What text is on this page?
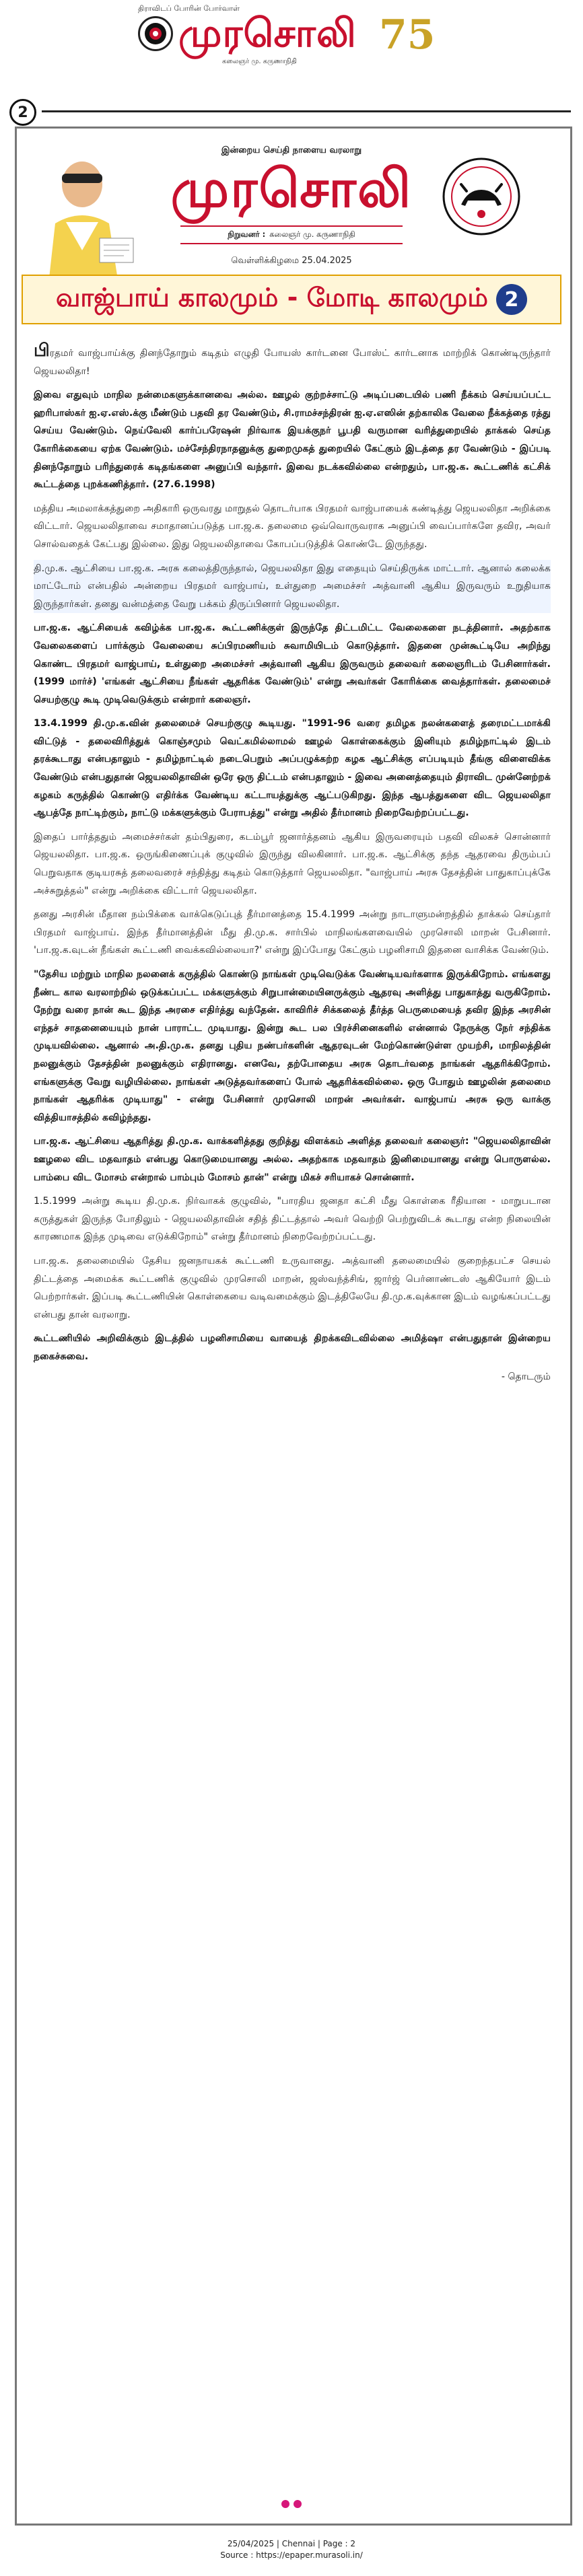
திராவிடப் போரின் போர்வாள்
முரசொலி
கலைஞர் மு. கருணாநிதி
75
2
இன்றைய செய்தி நாளைய வரலாறு
முரசொலி
நிறுவனர் : கலைஞர் மு. கருணாநிதி
வெள்ளிக்கிழமை 25.04.2025
வாஜ்பாய் காலமும் - மோடி காலமும் 2

பிரதமர் வாஜ்பாய்க்கு தினந்தோறும் கடிதம் எழுதி போயஸ் கார்டனை போஸ்ட் கார்டனாக மாற்றிக் கொண்டிருந்தார் ஜெயலலிதா!

இவை எதுவும் மாநில நன்மைகளுக்கானவை அல்ல. ஊழல் குற்றச்சாட்டு அடிப்படையில் பணி நீக்கம் செய்யப்பட்ட ஹரிபாஸ்கர் ஐ.ஏ.எஸ்.க்கு மீண்டும் பதவி தர வேண்டும், சி.ராமச்சந்திரன் ஐ.ஏ.எஸின் தற்காலிக வேலை நீக்கத்தை ரத்து செய்ய வேண்டும். நெய்வேலி கார்ப்பரேஷன் நிர்வாக இயக்குநர் பூபதி வருமான வரித்துறையில் தாக்கல் செய்த கோரிக்கையை ஏற்க வேண்டும். மச்சேந்திரநாதனுக்கு துறைமுகத் துறையில் கேட்கும் இடத்தை தர வேண்டும் - இப்படி தினந்தோறும் பரிந்துரைக் கடிதங்களை அனுப்பி வந்தார். இவை நடக்கவில்லை என்றதும், பா.ஜ.க. கூட்டணிக் கட்சிக் கூட்டத்தை புறக்கணித்தார். (27.6.1998)

மத்திய அமலாக்கத்துறை அதிகாரி ஒருவரது மாறுதல் தொடர்பாக பிரதமர் வாஜ்பாயைக் கண்டித்து ஜெயலலிதா அறிக்கை விட்டார். ஜெயலலிதாவை சமாதானப்படுத்த பா.ஜ.க. தலைமை ஒவ்வொருவராக அனுப்பி வைப்பார்களே தவிர, அவர் சொல்வதைக் கேட்பது இல்லை. இது ஜெயலலிதாவை கோபப்படுத்திக் கொண்டே இருந்தது.

தி.மு.க. ஆட்சியை பா.ஜ.க. அரசு கலைத்திருந்தால், ஜெயலலிதா இது எதையும் செய்திருக்க மாட்டார். ஆனால் கலைக்க மாட்டோம் என்பதில் அன்றைய பிரதமர் வாஜ்பாய், உள்துறை அமைச்சர் அத்வானி ஆகிய இருவரும் உறுதியாக இருந்தார்கள். தனது வன்மத்தை வேறு பக்கம் திருப்பினார் ஜெயலலிதா.

பா.ஜ.க. ஆட்சியைக் கவிழ்க்க பா.ஜ.க. கூட்டணிக்குள் இருந்தே திட்டமிட்ட வேலைகளை நடத்தினார். அதற்காக வேலைகளைப் பார்க்கும் வேலையை சுப்பிரமணியம் சுவாமியிடம் கொடுத்தார். இதனை முன்கூட்டியே அறிந்து கொண்ட பிரதமர் வாஜ்பாய், உள்துறை அமைச்சர் அத்வானி ஆகிய இருவரும் தலைவர் கலைஞரிடம் பேசினார்கள். (1999 மார்ச்) 'எங்கள் ஆட்சியை நீங்கள் ஆதரிக்க வேண்டும்' என்று அவர்கள் கோரிக்கை வைத்தார்கள். தலைமைச் செயற்குழு கூடி முடிவெடுக்கும் என்றார் கலைஞர்.

13.4.1999 தி.மு.க.வின் தலைமைச் செயற்குழு கூடியது. "1991-96 வரை தமிழக நலன்களைத் தரைமட்டமாக்கி விட்டுத் - தலைவிரித்துக் கொஞ்சமும் வெட்கமில்லாமல் ஊழல் கொள்கைக்கும் இனியும் தமிழ்நாட்டில் இடம் தரக்கூடாது என்பதாலும் - தமிழ்நாட்டில் நடைபெறும் அப்பழுக்கற்ற கழக ஆட்சிக்கு எப்படியும் தீங்கு விளைவிக்க வேண்டும் என்பதுதான் ஜெயலலிதாவின் ஒரே ஒரு திட்டம் என்பதாலும் - இவை அனைத்தையும் திராவிட முன்னேற்றக் கழகம் கருத்தில் கொண்டு எதிர்க்க வேண்டிய கட்டாயத்துக்கு ஆட்படுகிறது. இந்த ஆபத்துகளை விட ஜெயலலிதா ஆபத்தே நாட்டிற்கும், நாட்டு மக்களுக்கும் பேராபத்து" என்று அதில் தீர்மானம் நிறைவேற்றப்பட்டது.

இதைப் பார்த்ததும் அமைச்சர்கள் தம்பிதுரை, கடம்பூர் ஜனார்த்தனம் ஆகிய இருவரையும் பதவி விலகச் சொன்னார் ஜெயலலிதா. பா.ஜ.க. ஒருங்கிணைப்புக் குழுவில் இருந்து விலகினார். பா.ஜ.க. ஆட்சிக்கு தந்த ஆதரவை திரும்பப் பெறுவதாக குடியரசுத் தலைவரைச் சந்தித்து கடிதம் கொடுத்தார் ஜெயலலிதா. "வாஜ்பாய் அரசு தேசத்தின் பாதுகாப்புக்கே அச்சுறுத்தல்" என்று அறிக்கை விட்டார் ஜெயலலிதா.

தனது அரசின் மீதான நம்பிக்கை வாக்கெடுப்புத் தீர்மானத்தை 15.4.1999 அன்று நாடாளுமன்றத்தில் தாக்கல் செய்தார் பிரதமர் வாஜ்பாய். இந்த தீர்மானத்தின் மீது தி.மு.க. சார்பில் மாநிலங்களவையில் முரசொலி மாறன் பேசினார். 'பா.ஜ.க.வுடன் நீங்கள் கூட்டணி வைக்கவில்லையா?' என்று இப்போது கேட்கும் பழனிசாமி இதனை வாசிக்க வேண்டும்.

"தேசிய மற்றும் மாநில நலனைக் கருத்தில் கொண்டு நாங்கள் முடிவெடுக்க வேண்டியவர்களாக இருக்கிறோம். எங்களது நீண்ட கால வரலாற்றில் ஒடுக்கப்பட்ட மக்களுக்கும் சிறுபான்மையினருக்கும் ஆதரவு அளித்து பாதுகாத்து வருகிறோம். நேற்று வரை நான் கூட இந்த அரசை எதிர்த்து வந்தேன். காவிரிச் சிக்கலைத் தீர்த்த பெருமையைத் தவிர இந்த அரசின் எந்தச் சாதனையையும் நான் பாராட்ட முடியாது. இன்று கூட பல பிரச்சினைகளில் என்னால் நேருக்கு நேர் சந்திக்க முடியவில்லை. ஆனால் அ.தி.மு.க. தனது புதிய நண்பர்களின் ஆதரவுடன் மேற்கொண்டுள்ள முயற்சி, மாநிலத்தின் நலனுக்கும் தேசத்தின் நலனுக்கும் எதிரானது. எனவே, தற்போதைய அரசு தொடர்வதை நாங்கள் ஆதரிக்கிறோம். எங்களுக்கு வேறு வழியில்லை. நாங்கள் அடுத்தவர்களைப் போல் ஆதரிக்கவில்லை. ஒரு போதும் ஊழலின் தலைமை நாங்கள் ஆதரிக்க முடியாது" - என்று பேசினார் முரசொலி மாறன் அவர்கள். வாஜ்பாய் அரசு ஒரு வாக்கு வித்தியாசத்தில் கவிழ்ந்தது.

பா.ஜ.க. ஆட்சியை ஆதரித்து தி.மு.க. வாக்களித்தது குறித்து விளக்கம் அளித்த தலைவர் கலைஞர்: "ஜெயலலிதாவின் ஊழலை விட மதவாதம் என்பது கொடுமையானது அல்ல. அதற்காக மதவாதம் இனிமையானது என்று பொருளல்ல. பாம்பை விட மோசம் என்றால் பாம்பும் மோசம் தான்" என்று மிகச் சரியாகச் சொன்னார்.

1.5.1999 அன்று கூடிய தி.மு.க. நிர்வாகக் குழுவில், "பாரதிய ஜனதா கட்சி மீது கொள்கை ரீதியான - மாறுபடான கருத்துகள் இருந்த போதிலும் - ஜெயலலிதாவின் சதித் திட்டத்தால் அவர் வெற்றி பெற்றுவிடக் கூடாது என்ற நிலையின் காரணமாக இந்த முடிவை எடுக்கிறோம்" என்று தீர்மானம் நிறைவேற்றப்பட்டது.

பா.ஜ.க. தலைமையில் தேசிய ஜனநாயகக் கூட்டணி உருவானது. அத்வானி தலைமையில் குறைந்தபட்ச செயல் திட்டத்தை அமைக்க கூட்டணிக் குழுவில் முரசொலி மாறன், ஜஸ்வந்த்சிங், ஜார்ஜ் பெர்னாண்டஸ் ஆகியோர் இடம் பெற்றார்கள். இப்படி கூட்டணியின் கொள்கையை வடிவமைக்கும் இடத்திலேயே தி.மு.க.வுக்கான இடம் வழங்கப்பட்டது என்பது தான் வரலாறு.

கூட்டணியில் அறிவிக்கும் இடத்தில் பழனிசாமியை வாயைத் திறக்கவிடவில்லை அமித்ஷா என்பதுதான் இன்றைய நகைச்சுவை.

- தொடரும்
25/04/2025 | Chennai | Page : 2
Source : https://epaper.murasoli.in/
